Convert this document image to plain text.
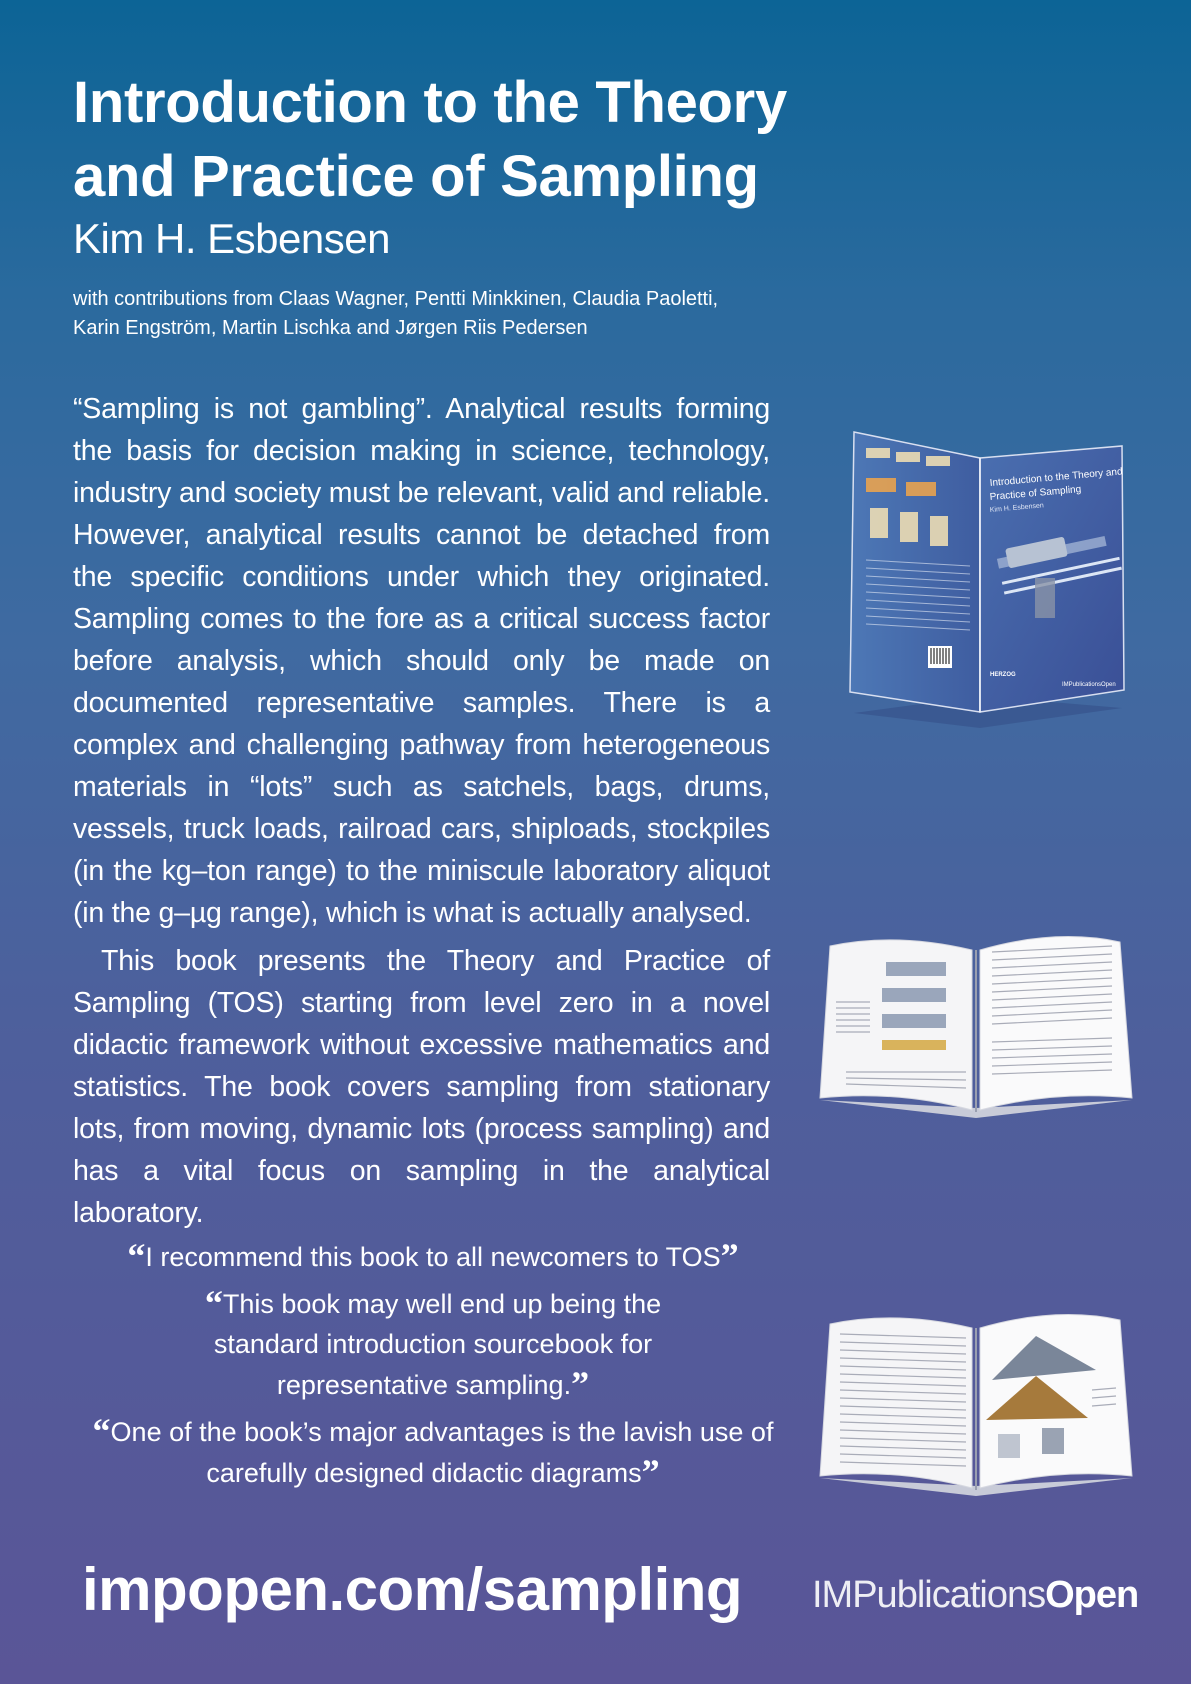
Introduction to the Theory
and Practice of Sampling
Kim H. Esbensen

with contributions from Claas Wagner, Pentti Minkkinen, Claudia Paoletti,
Karin Engström, Martin Lischka and Jørgen Riis Pedersen

“Sampling is not gambling”. Analytical results forming the basis for decision making in science, technology, industry and society must be relevant, valid and reliable. However, analytical results cannot be detached from the specific conditions under which they originated. Sampling comes to the fore as a critical success factor before analysis, which should only be made on documented representative samples. There is a complex and challenging pathway from heterogeneous materials in “lots” such as satchels, bags, drums, vessels, truck loads, railroad cars, shiploads, stockpiles (in the kg–ton range) to the miniscule laboratory aliquot (in the g–µg range), which is what is actually analysed.

This book presents the Theory and Practice of Sampling (TOS) starting from level zero in a novel didactic framework without excessive mathematics and statistics. The book covers sampling from stationary lots, from moving, dynamic lots (process sampling) and has a vital focus on sampling in the analytical laboratory.

“I recommend this book to all newcomers to TOS”

“This book may well end up being the standard introduction sourcebook for representative sampling.”

“One of the book’s major advantages is the lavish use of carefully designed didactic diagrams”

impopen.com/sampling IMPublicationsOpen

Introduction to the Theory and
Practice of Sampling
Kim H. Esbensen
HERZOG
IMPublicationsOpen
